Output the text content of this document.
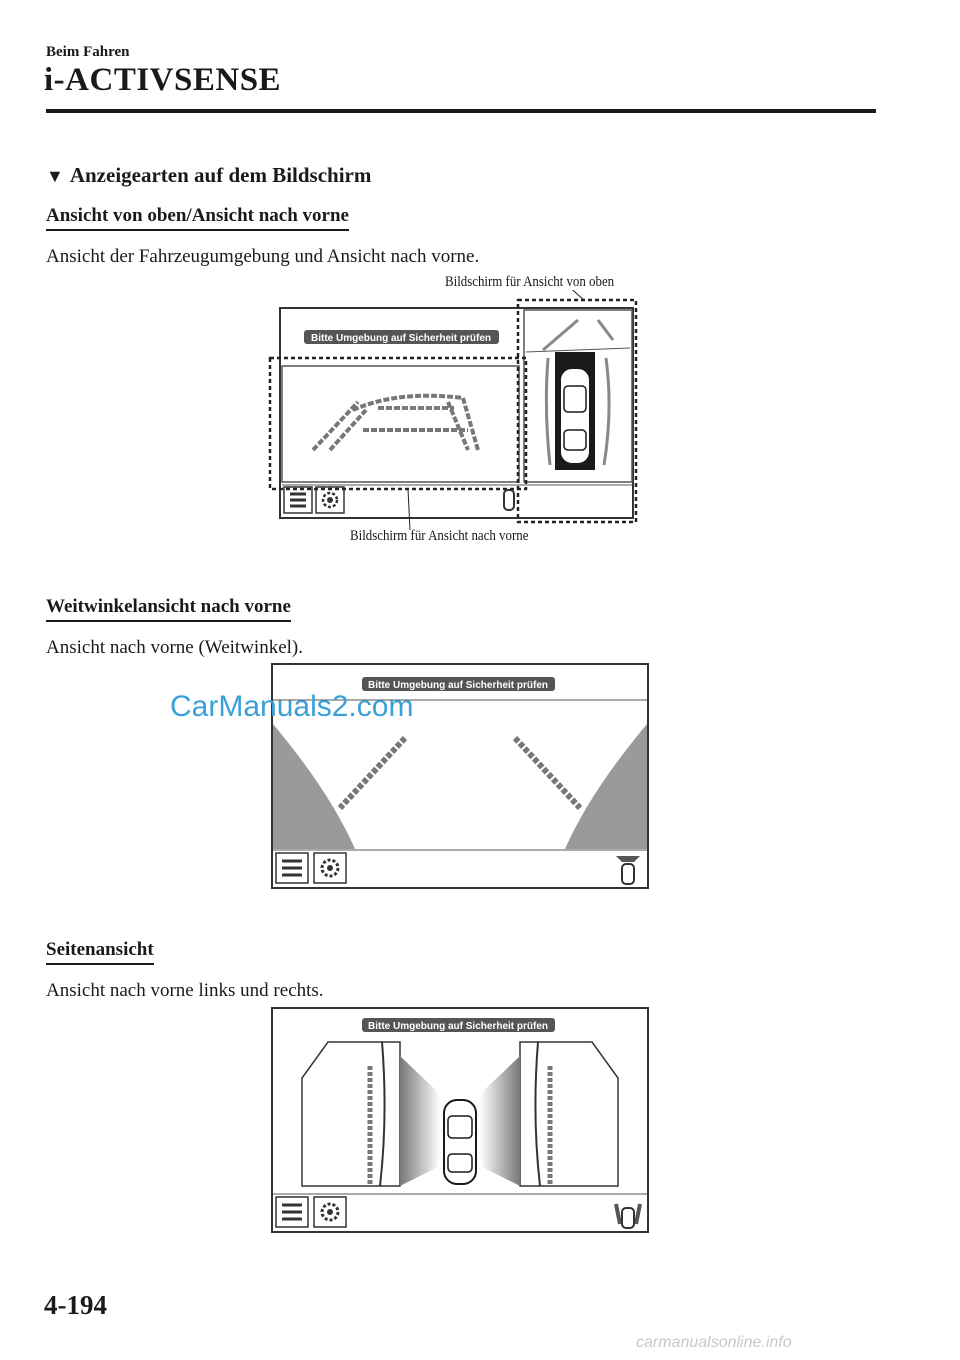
Beim Fahren
i-ACTIVSENSE
▼ Anzeigearten auf dem Bildschirm
Ansicht von oben/Ansicht nach vorne
Ansicht der Fahrzeugumgebung und Ansicht nach vorne.
Bildschirm für Ansicht von oben
Bildschirm für Ansicht nach vorne
Bitte Umgebung auf Sicherheit prüfen
Weitwinkelansicht nach vorne
Ansicht nach vorne (Weitwinkel).
Bitte Umgebung auf Sicherheit prüfen
CarManuals2.com
Seitenansicht
Ansicht nach vorne links und rechts.
Bitte Umgebung auf Sicherheit prüfen
4-194
carmanualsonline.info
